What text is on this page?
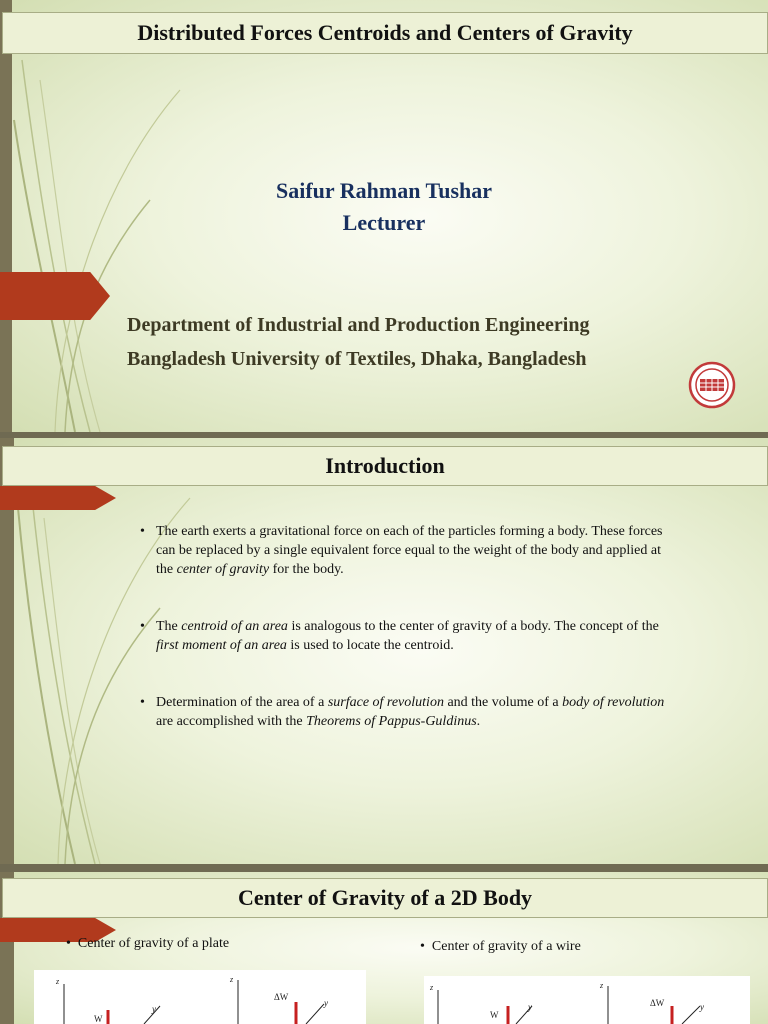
Distributed Forces Centroids and Centers of Gravity
Saifur Rahman Tushar
Lecturer
Department of Industrial and Production Engineering
Bangladesh University of Textiles, Dhaka, Bangladesh
Introduction
• The earth exerts a gravitational force on each of the particles forming a body. These forces can be replaced by a single equivalent force equal to the weight of the body and applied at the center of gravity for the body.
• The centroid of an area is analogous to the center of gravity of a body. The concept of the first moment of an area is used to locate the centroid.
• Determination of the area of a surface of revolution and the volume of a body of revolution are accomplished with the Theorems of Pappus-Guldinus.
Center of Gravity of a 2D Body
• Center of gravity of a plate
•	Center of gravity of a wire
z
y
W
z
ΔW
y
z
W
y
z
ΔW	y
